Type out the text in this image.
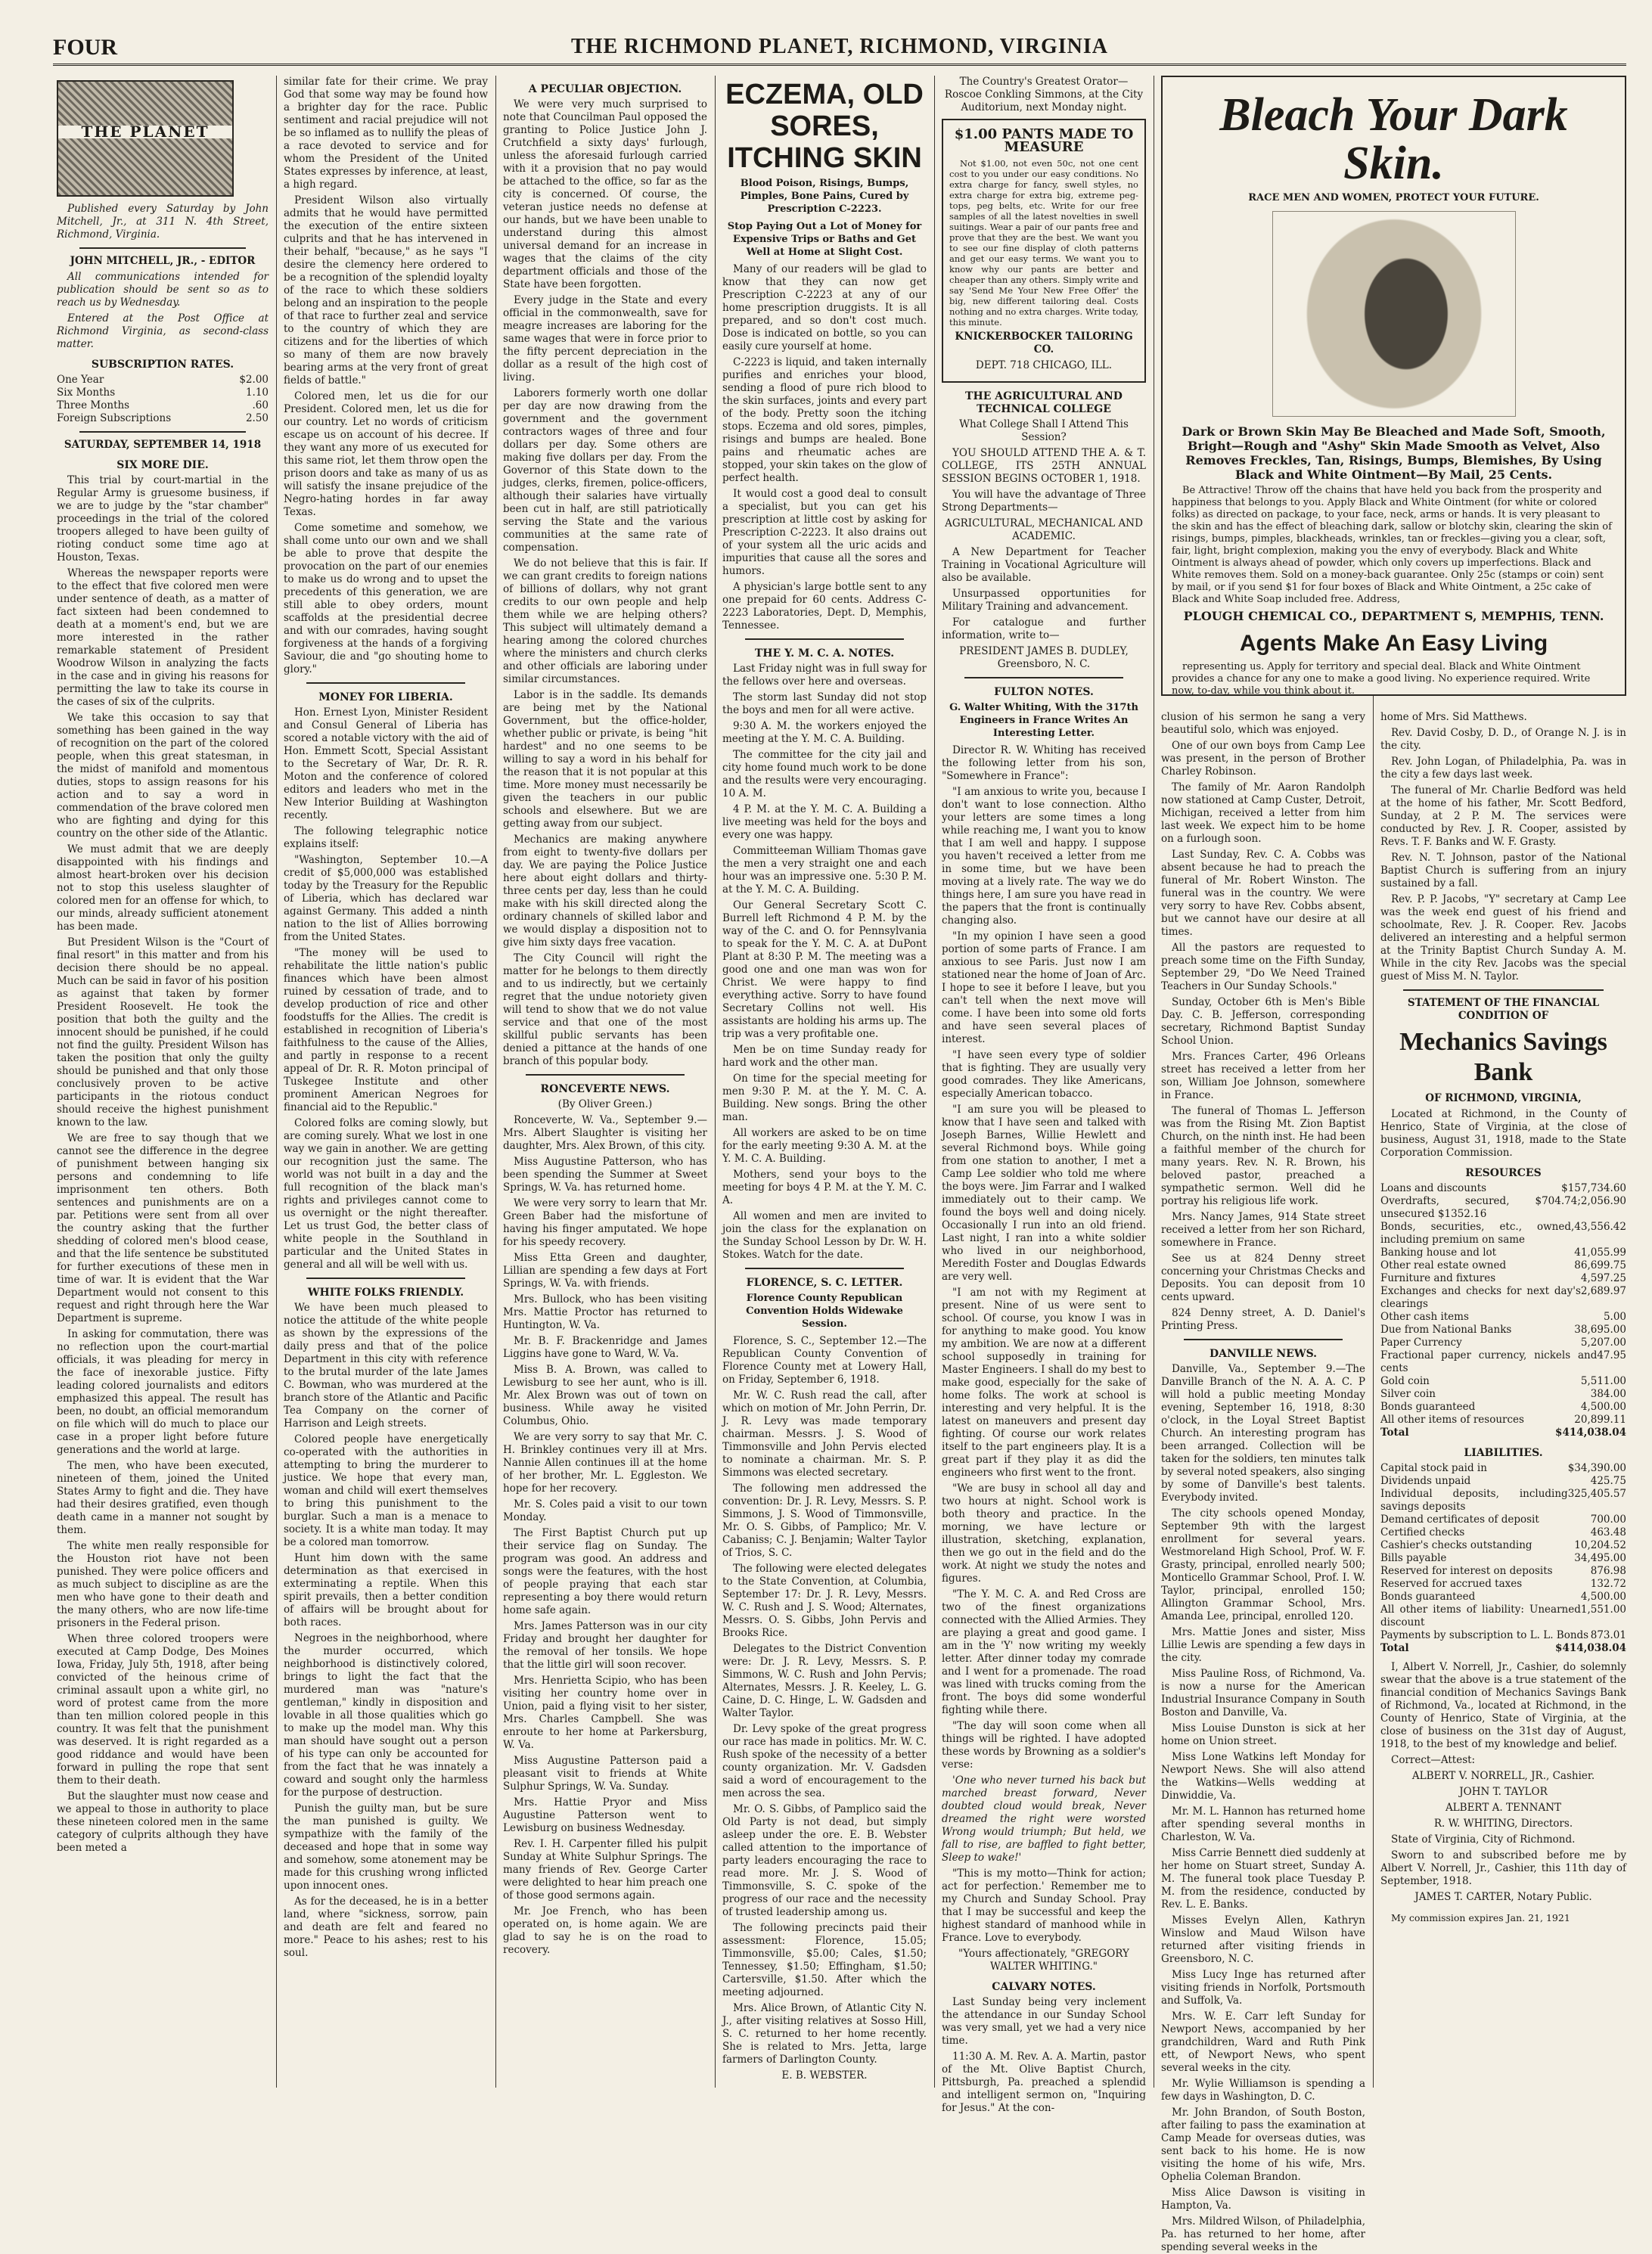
FOUR	THE RICHMOND PLANET, RICHMOND, VIRGINIA
THE PLANET

Published every Saturday by John Mitchell, Jr., at 311 N. 4th Street, Richmond, Virginia.

JOHN MITCHELL, JR., - EDITOR

All communications intended for publication should be sent so as to reach us by Wednesday.

Entered at the Post Office at Richmond Virginia, as second-class matter.

SUBSCRIPTION RATES.
One Year	$2.00
Six Months	1.10
Three Months	.60
Foreign Subscriptions	2.50

SATURDAY, SEPTEMBER 14, 1918

SIX MORE DIE.

This trial by court-martial in the Regular Army is gruesome business, if we are to judge by the "star chamber" proceedings in the trial of the colored troopers alleged to have been guilty of rioting conduct some time ago at Houston, Texas.

Whereas the newspaper reports were to the effect that five colored men were under sentence of death, as a matter of fact sixteen had been condemned to death at a moment's end, but we are more interested in the rather remarkable statement of President Woodrow Wilson in analyzing the facts in the case and in giving his reasons for permitting the law to take its course in the cases of six of the culprits.

We take this occasion to say that something has been gained in the way of recognition on the part of the colored people, when this great statesman, in the midst of manifold and momentous duties, stops to assign reasons for his action and to say a word in commendation of the brave colored men who are fighting and dying for this country on the other side of the Atlantic.

We must admit that we are deeply disappointed with his findings and almost heart-broken over his decision not to stop this useless slaughter of colored men for an offense for which, to our minds, already sufficient atonement has been made.

But President Wilson is the "Court of final resort" in this matter and from his decision there should be no appeal. Much can be said in favor of his position as against that taken by former President Roosevelt. He took the position that both the guilty and the innocent should be punished, if he could not find the guilty. President Wilson has taken the position that only the guilty should be punished and that only those conclusively proven to be active participants in the riotous conduct should receive the highest punishment known to the law.

We are free to say though that we cannot see the difference in the degree of punishment between hanging six persons and condemning to life imprisonment ten others. Both sentences and punishments are on a par. Petitions were sent from all over the country asking that the further shedding of colored men's blood cease, and that the life sentence be substituted for further executions of these men in time of war. It is evident that the War Department would not consent to this request and right through here the War Department is supreme.

In asking for commutation, there was no reflection upon the court-martial officials, it was pleading for mercy in the face of inexorable justice. Fifty leading colored journalists and editors emphasized this appeal. The result has been, no doubt, an official memorandum on file which will do much to place our case in a proper light before future generations and the world at large.

The men, who have been executed, nineteen of them, joined the United States Army to fight and die. They have had their desires gratified, even though death came in a manner not sought by them.

The white men really responsible for the Houston riot have not been punished. They were police officers and as much subject to discipline as are the men who have gone to their death and the many others, who are now life-time prisoners in the Federal prison.

When three colored troopers were executed at Camp Dodge, Des Moines Iowa, Friday, July 5th, 1918, after being convicted of the heinous crime of criminal assault upon a white girl, no word of protest came from the more than ten million colored people in this country. It was felt that the punishment was deserved. It is right regarded as a good riddance and would have been forward in pulling the rope that sent them to their death.

But the slaughter must now cease and we appeal to those in authority to place these nineteen colored men in the same category of culprits although they have been meted a

similar fate for their crime. We pray God that some way may be found how a brighter day for the race. Public sentiment and racial prejudice will not be so inflamed as to nullify the pleas of a race devoted to service and for whom the President of the United States expresses by inference, at least, a high regard.

President Wilson also virtually admits that he would have permitted the execution of the entire sixteen culprits and that he has intervened in their behalf, "because," as he says "I desire the clemency here ordered to be a recognition of the splendid loyalty of the race to which these soldiers belong and an inspiration to the people of that race to further zeal and service to the country of which they are citizens and for the liberties of which so many of them are now bravely bearing arms at the very front of great fields of battle."

Colored men, let us die for our President. Colored men, let us die for our country. Let no words of criticism escape us on account of his decree. If they want any more of us executed for this same riot, let them throw open the prison doors and take as many of us as will satisfy the insane prejudice of the Negro-hating hordes in far away Texas.

Come sometime and somehow, we shall come unto our own and we shall be able to prove that despite the provocation on the part of our enemies to make us do wrong and to upset the precedents of this generation, we are still able to obey orders, mount scaffolds at the presidential decree and with our comrades, having sought forgiveness at the hands of a forgiving Saviour, die and "go shouting home to glory."

MONEY FOR LIBERIA.

Hon. Ernest Lyon, Minister Resident and Consul General of Liberia has scored a notable victory with the aid of Hon. Emmett Scott, Special Assistant to the Secretary of War, Dr. R. R. Moton and the conference of colored editors and leaders who met in the New Interior Building at Washington recently.

The following telegraphic notice explains itself:

"Washington, September 10.—A credit of $5,000,000 was established today by the Treasury for the Republic of Liberia, which has declared war against Germany. This added a ninth nation to the list of Allies borrowing from the United States.

"The money will be used to rehabilitate the little nation's public finances which have been almost ruined by cessation of trade, and to develop production of rice and other foodstuffs for the Allies. The credit is established in recognition of Liberia's faithfulness to the cause of the Allies, and partly in response to a recent appeal of Dr. R. R. Moton principal of Tuskegee Institute and other prominent American Negroes for financial aid to the Republic."

Colored folks are coming slowly, but are coming surely. What we lost in one way we gain in another. We are getting our recognition just the same. The world was not built in a day and the full recognition of the black man's rights and privileges cannot come to us overnight or the night thereafter. Let us trust God, the better class of white people in the Southland in particular and the United States in general and all will be well with us.

WHITE FOLKS FRIENDLY.

We have been much pleased to notice the attitude of the white people as shown by the expressions of the daily press and that of the police Department in this city with reference to the brutal murder of the late James C. Bowman, who was murdered at the branch store of the Atlantic and Pacific Tea Company on the corner of Harrison and Leigh streets.

Colored people have energetically co-operated with the authorities in attempting to bring the murderer to justice. We hope that every man, woman and child will exert themselves to bring this punishment to the burglar. Such a man is a menace to society. It is a white man today. It may be a colored man tomorrow.

Hunt him down with the same determination as that exercised in exterminating a reptile. When this spirit prevails, then a better condition of affairs will be brought about for both races.

Negroes in the neighborhood, where the murder occurred, which neighborhood is distinctively colored, brings to light the fact that the murdered man was "nature's gentleman," kindly in disposition and lovable in all those qualities which go to make up the model man. Why this man should have sought out a person of his type can only be accounted for from the fact that he was innately a coward and sought only the harmless for the purpose of destruction.

Punish the guilty man, but be sure the man punished is guilty. We sympathize with the family of the deceased and hope that in some way and somehow, some atonement may be made for this crushing wrong inflicted upon innocent ones.

As for the deceased, he is in a better land, where "sickness, sorrow, pain and death are felt and feared no more." Peace to his ashes; rest to his soul.

A PECULIAR OBJECTION.

We were very much surprised to note that Councilman Paul opposed the granting to Police Justice John J. Crutchfield a sixty days' furlough, unless the aforesaid furlough carried with it a provision that no pay would be attached to the office, so far as the city is concerned. Of course, the veteran justice needs no defense at our hands, but we have been unable to understand during this almost universal demand for an increase in wages that the claims of the city department officials and those of the State have been forgotten.

Every judge in the State and every official in the commonwealth, save for meagre increases are laboring for the same wages that were in force prior to the fifty percent depreciation in the dollar as a result of the high cost of living.

Laborers formerly worth one dollar per day are now drawing from the government and the government contractors wages of three and four dollars per day. Some others are making five dollars per day. From the Governor of this State down to the judges, clerks, firemen, police-officers, although their salaries have virtually been cut in half, are still patriotically serving the State and the various communities at the same rate of compensation.

We do not believe that this is fair. If we can grant credits to foreign nations of billions of dollars, why not grant credits to our own people and help them while we are helping others? This subject will ultimately demand a hearing among the colored churches where the ministers and church clerks and other officials are laboring under similar circumstances.

Labor is in the saddle. Its demands are being met by the National Government, but the office-holder, whether public or private, is being "hit hardest" and no one seems to be willing to say a word in his behalf for the reason that it is not popular at this time. More money must necessarily be given the teachers in our public schools and elsewhere. But we are getting away from our subject.

Mechanics are making anywhere from eight to twenty-five dollars per day. We are paying the Police Justice here about eight dollars and thirty-three cents per day, less than he could make with his skill directed along the ordinary channels of skilled labor and we would display a disposition not to give him sixty days free vacation.

The City Council will right the matter for he belongs to them directly and to us indirectly, but we certainly regret that the undue notoriety given will tend to show that we do not value service and that one of the most skillful public servants has been denied a pittance at the hands of one branch of this popular body.

RONCEVERTE NEWS.

(By Oliver Green.)

Ronceverte, W. Va., September 9.—Mrs. Albert Slaughter is visiting her daughter, Mrs. Alex Brown, of this city.

Miss Augustine Patterson, who has been spending the Summer at Sweet Springs, W. Va. has returned home.

We were very sorry to learn that Mr. Green Baber had the misfortune of having his finger amputated. We hope for his speedy recovery.

Miss Etta Green and daughter, Lillian are spending a few days at Fort Springs, W. Va. with friends.

Mrs. Bullock, who has been visiting Mrs. Mattie Proctor has returned to Huntington, W. Va.

Mr. B. F. Brackenridge and James Liggins have gone to Ward, W. Va.

Miss B. A. Brown, was called to Lewisburg to see her aunt, who is ill. Mr. Alex Brown was out of town on business. While away he visited Columbus, Ohio.

We are very sorry to say that Mr. C. H. Brinkley continues very ill at Mrs. Nannie Allen continues ill at the home of her brother, Mr. L. Eggleston. We hope for her recovery.

Mr. S. Coles paid a visit to our town Monday.

The First Baptist Church put up their service flag on Sunday. The program was good. An address and songs were the features, with the host of people praying that each star representing a boy there would return home safe again.

Mrs. James Patterson was in our city Friday and brought her daughter for the removal of her tonsils. We hope that the little girl will soon recover.

Mrs. Henrietta Scipio, who has been visiting her country home over in Union, paid a flying visit to her sister, Mrs. Charles Campbell. She was enroute to her home at Parkersburg, W. Va.

Miss Augustine Patterson paid a pleasant visit to friends at White Sulphur Springs, W. Va. Sunday.

Mrs. Hattie Pryor and Miss Augustine Patterson went to Lewisburg on business Wednesday.

Rev. I. H. Carpenter filled his pulpit Sunday at White Sulphur Springs. The many friends of Rev. George Carter were delighted to hear him preach one of those good sermons again.

Mr. Joe French, who has been operated on, is home again. We are glad to say he is on the road to recovery.

ECZEMA, OLD SORES, ITCHING SKIN

Blood Poison, Risings, Bumps, Pimples, Bone Pains, Cured by Prescription C-2223.

Stop Paying Out a Lot of Money for Expensive Trips or Baths and Get Well at Home at Slight Cost.

Many of our readers will be glad to know that they can now get Prescription C-2223 at any of our home prescription druggists. It is all prepared, and so don't cost much. Dose is indicated on bottle, so you can easily cure yourself at home.

C-2223 is liquid, and taken internally purifies and enriches your blood, sending a flood of pure rich blood to the skin surfaces, joints and every part of the body. Pretty soon the itching stops. Eczema and old sores, pimples, risings and bumps are healed. Bone pains and rheumatic aches are stopped, your skin takes on the glow of perfect health.

It would cost a good deal to consult a specialist, but you can get his prescription at little cost by asking for Prescription C-2223. It also drains out of your system all the uric acids and impurities that cause all the sores and humors.

A physician's large bottle sent to any one prepaid for 60 cents. Address C-2223 Laboratories, Dept. D, Memphis, Tennessee.

THE Y. M. C. A. NOTES.

Last Friday night was in full sway for the fellows over here and overseas.

The storm last Sunday did not stop the boys and men for all were active.

9:30 A. M. the workers enjoyed the meeting at the Y. M. C. A. Building.

The committee for the city jail and city home found much work to be done and the results were very encouraging. 10 A. M.

4 P. M. at the Y. M. C. A. Building a live meeting was held for the boys and every one was happy.

Committeeman William Thomas gave the men a very straight one and each hour was an impressive one. 5:30 P. M. at the Y. M. C. A. Building.

Our General Secretary Scott C. Burrell left Richmond 4 P. M. by the way of the C. and O. for Pennsylvania to speak for the Y. M. C. A. at DuPont Plant at 8:30 P. M. The meeting was a good one and one man was won for Christ. We were happy to find everything active. Sorry to have found Secretary Collins not well. His assistants are holding his arms up. The trip was a very profitable one.

Men be on time Sunday ready for hard work and the other man.

On time for the special meeting for men 9:30 P. M. at the Y. M. C. A. Building. New songs. Bring the other man.

All workers are asked to be on time for the early meeting 9:30 A. M. at the Y. M. C. A. Building.

Mothers, send your boys to the meeting for boys 4 P. M. at the Y. M. C. A.

All women and men are invited to join the class for the explanation on the Sunday School Lesson by Dr. W. H. Stokes. Watch for the date.

FLORENCE, S. C. LETTER.

Florence County Republican Convention Holds Widewake Session.

Florence, S. C., September 12.—The Republican County Convention of Florence County met at Lowery Hall, on Friday, September 6, 1918.

Mr. W. C. Rush read the call, after which on motion of Mr. John Perrin, Dr. J. R. Levy was made temporary chairman. Messrs. J. S. Wood of Timmonsville and John Pervis elected to nominate a chairman. Mr. S. P. Simmons was elected secretary.

The following men addressed the convention: Dr. J. R. Levy, Messrs. S. P. Simmons, J. S. Wood of Timmonsville, Mr. O. S. Gibbs, of Pamplico; Mr. V. Cabaniss; C. J. Benjamin; Walter Taylor of Trios, S. C.

The following were elected delegates to the State Convention, at Columbia, September 17: Dr. J. R. Levy, Messrs. W. C. Rush and J. S. Wood; Alternates, Messrs. O. S. Gibbs, John Pervis and Brooks Rice.

Delegates to the District Convention were: Dr. J. R. Levy, Messrs. S. P. Simmons, W. C. Rush and John Pervis; Alternates, Messrs. J. R. Keeley, L. G. Caine, D. C. Hinge, L. W. Gadsden and Walter Taylor.

Dr. Levy spoke of the great progress our race has made in politics. Mr. W. C. Rush spoke of the necessity of a better county organization. Mr. V. Gadsden said a word of encouragement to the men across the sea.

Mr. O. S. Gibbs, of Pamplico said the Old Party is not dead, but simply asleep under the ore. E. B. Webster called attention to the importance of party leaders encouraging the race to read more. Mr. J. S. Wood of Timmonsville, S. C. spoke of the progress of our race and the necessity of trusted leadership among us.

The following precincts paid their assessment: Florence, 15.05; Timmonsville, $5.00; Cales, $1.50; Tennessey, $1.50; Effingham, $1.50; Cartersville, $1.50. After which the meeting adjourned.

Mrs. Alice Brown, of Atlantic City N. J., after visiting relatives at Sosso Hill, S. C. returned to her home recently. She is related to Mrs. Jetta, large farmers of Darlington County.

E. B. WEBSTER.

The Country's Greatest Orator—Roscoe Conkling Simmons, at the City Auditorium, next Monday night.

$1.00 PANTS MADE TO MEASURE

Not $1.00, not even 50c, not one cent cost to you under our easy conditions. No extra charge for fancy, swell styles, no extra charge for extra big, extreme peg-tops, peg belts, etc. Write for our free samples of all the latest novelties in swell suitings. Wear a pair of our pants free and prove that they are the best. We want you to see our fine display of cloth patterns and get our easy terms. We want you to know why our pants are better and cheaper than any others. Simply write and say 'Send Me Your New Free Offer' the big, new different tailoring deal. Costs nothing and no extra charges. Write today, this minute.

KNICKERBOCKER TAILORING CO.

DEPT. 718 CHICAGO, ILL.

THE AGRICULTURAL AND TECHNICAL COLLEGE

What College Shall I Attend This Session?

YOU SHOULD ATTEND THE A. & T. COLLEGE, ITS 25TH ANNUAL SESSION BEGINS OCTOBER 1, 1918.

You will have the advantage of Three Strong Departments—

AGRICULTURAL, MECHANICAL AND ACADEMIC.

A New Department for Teacher Training in Vocational Agriculture will also be available.

Unsurpassed opportunities for Military Training and advancement.

For catalogue and further information, write to—

PRESIDENT JAMES B. DUDLEY, Greensboro, N. C.

FULTON NOTES.

G. Walter Whiting, With the 317th Engineers in France Writes An Interesting Letter.

Director R. W. Whiting has received the following letter from his son, "Somewhere in France":

"I am anxious to write you, because I don't want to lose connection. Altho your letters are some times a long while reaching me, I want you to know that I am well and happy. I suppose you haven't received a letter from me in some time, but we have been moving at a lively rate. The way we do things here, I am sure you have read in the papers that the front is continually changing also.

"In my opinion I have seen a good portion of some parts of France. I am anxious to see Paris. Just now I am stationed near the home of Joan of Arc. I hope to see it before I leave, but you can't tell when the next move will come. I have been into some old forts and have seen several places of interest.

"I have seen every type of soldier that is fighting. They are usually very good comrades. They like Americans, especially American tobacco.

"I am sure you will be pleased to know that I have seen and talked with Joseph Barnes, Willie Hewlett and several Richmond boys. While going from one station to another, I met a Camp Lee soldier who told me where the boys were. Jim Farrar and I walked immediately out to their camp. We found the boys well and doing nicely. Occasionally I run into an old friend. Last night, I ran into a white soldier who lived in our neighborhood, Meredith Foster and Douglas Edwards are very well.

"I am not with my Regiment at present. Nine of us were sent to school. Of course, you know I was in for anything to make good. You know my ambition. We are now at a different school supposedly in training for Master Engineers. I shall do my best to make good, especially for the sake of home folks. The work at school is interesting and very helpful. It is the latest on maneuvers and present day fighting. Of course our work relates itself to the part engineers play. It is a great part if they play it as did the engineers who first went to the front.

"We are busy in school all day and two hours at night. School work is both theory and practice. In the morning, we have lecture or illustration, sketching, explanation, then we go out in the field and do the work. At night we study the notes and figures.

"The Y. M. C. A. and Red Cross are two of the finest organizations connected with the Allied Armies. They are playing a great and good game. I am in the 'Y' now writing my weekly letter. After dinner today my comrade and I went for a promenade. The road was lined with trucks coming from the front. The boys did some wonderful fighting while there.

"The day will soon come when all things will be righted. I have adopted these words by Browning as a soldier's verse:

'One who never turned his back but marched breast forward, Never doubted cloud would break, Never dreamed the right were worsted Wrong would triumph; But held, we fall to rise, are baffled to fight better, Sleep to wake!'

"This is my motto—Think for action; act for perfection.' Remember me to my Church and Sunday School. Pray that I may be successful and keep the highest standard of manhood while in France. Love to everybody.

"Yours affectionately, "GREGORY WALTER WHITING."

CALVARY NOTES.

Last Sunday being very inclement the attendance in our Sunday School was very small, yet we had a very nice time.

11:30 A. M. Rev. A. A. Martin, pastor of the Mt. Olive Baptist Church, Pittsburgh, Pa. preached a splendid and intelligent sermon on, "Inquiring for Jesus." At the con-

Bleach Your Dark Skin.

RACE MEN AND WOMEN, PROTECT YOUR FUTURE.

Dark or Brown Skin May Be Bleached and Made Soft, Smooth, Bright—Rough and "Ashy" Skin Made Smooth as Velvet, Also Removes Freckles, Tan, Risings, Bumps, Blemishes, By Using Black and White Ointment—By Mail, 25 Cents.

Be Attractive! Throw off the chains that have held you back from the prosperity and happiness that belongs to you. Apply Black and White Ointment (for white or colored folks) as directed on package, to your face, neck, arms or hands. It is very pleasant to the skin and has the effect of bleaching dark, sallow or blotchy skin, clearing the skin of risings, bumps, pimples, blackheads, wrinkles, tan or freckles—giving you a clear, soft, fair, light, bright complexion, making you the envy of everybody. Black and White Ointment is always ahead of powder, which only covers up imperfections. Black and White removes them. Sold on a money-back guarantee. Only 25c (stamps or coin) sent by mail, or if you send $1 for four boxes of Black and White Ointment, a 25c cake of Black and White Soap included free. Address,

PLOUGH CHEMICAL CO., DEPARTMENT S, MEMPHIS, TENN.

Agents Make An Easy Living

representing us. Apply for territory and special deal. Black and White Ointment provides a chance for any one to make a good living. No experience required. Write now, to-day, while you think about it.

clusion of his sermon he sang a very beautiful solo, which was enjoyed.

One of our own boys from Camp Lee was present, in the person of Brother Charley Robinson.

The family of Mr. Aaron Randolph now stationed at Camp Custer, Detroit, Michigan, received a letter from him last week. We expect him to be home on a furlough soon.

Last Sunday, Rev. C. A. Cobbs was absent because he had to preach the funeral of Mr. Robert Winston. The funeral was in the country. We were very sorry to have Rev. Cobbs absent, but we cannot have our desire at all times.

All the pastors are requested to preach some time on the Fifth Sunday, September 29, "Do We Need Trained Teachers in Our Sunday Schools."

Sunday, October 6th is Men's Bible Day. C. B. Jefferson, corresponding secretary, Richmond Baptist Sunday School Union.

Mrs. Frances Carter, 496 Orleans street has received a letter from her son, William Joe Johnson, somewhere in France.

The funeral of Thomas L. Jefferson was from the Rising Mt. Zion Baptist Church, on the ninth inst. He had been a faithful member of the church for many years. Rev. N. R. Brown, his beloved pastor, preached a sympathetic sermon. Well did he portray his religious life work.

Mrs. Nancy James, 914 State street received a letter from her son Richard, somewhere in France.

See us at 824 Denny street concerning your Christmas Checks and Deposits. You can deposit from 10 cents upward.

824 Denny street, A. D. Daniel's Printing Press.

DANVILLE NEWS.

Danville, Va., September 9.—The Danville Branch of the N. A. A. C. P will hold a public meeting Monday evening, September 16, 1918, 8:30 o'clock, in the Loyal Street Baptist Church. An interesting program has been arranged. Collection will be taken for the soldiers, ten minutes talk by several noted speakers, also singing by some of Danville's best talents. Everybody invited.

The city schools opened Monday, September 9th with the largest enrollment for several years. Westmoreland High School, Prof. W. F. Grasty, principal, enrolled nearly 500; Monticello Grammar School, Prof. I. W. Taylor, principal, enrolled 150; Allington Grammar School, Mrs. Amanda Lee, principal, enrolled 120.

Mrs. Mattie Jones and sister, Miss Lillie Lewis are spending a few days in the city.

Miss Pauline Ross, of Richmond, Va. is now a nurse for the American Industrial Insurance Company in South Boston and Danville, Va.

Miss Louise Dunston is sick at her home on Union street.

Miss Lone Watkins left Monday for Newport News. She will also attend the Watkins—Wells wedding at Dinwiddie, Va.

Mr. M. L. Hannon has returned home after spending several months in Charleston, W. Va.

Miss Carrie Bennett died suddenly at her home on Stuart street, Sunday A. M. The funeral took place Tuesday P. M. from the residence, conducted by Rev. L. E. Banks.

Misses Evelyn Allen, Kathryn Winslow and Maud Wilson have returned after visiting friends in Greensboro, N. C.

Miss Lucy Inge has returned after visiting friends in Norfolk, Portsmouth and Suffolk, Va.

Mrs. W. E. Carr left Sunday for Newport News, accompanied by her grandchildren, Ward and Ruth Pink ett, of Newport News, who spent several weeks in the city.

Mr. Wylie Williamson is spending a few days in Washington, D. C.

Mr. John Brandon, of South Boston, after failing to pass the examination at Camp Meade for overseas duties, was sent back to his home. He is now visiting the home of his wife, Mrs. Ophelia Coleman Brandon.

Miss Alice Dawson is visiting in Hampton, Va.

Mrs. Mildred Wilson, of Philadelphia, Pa. has returned to her home, after spending several weeks in the

home of Mrs. Sid Matthews.

Rev. David Cosby, D. D., of Orange N. J. is in the city.

Rev. John Logan, of Philadelphia, Pa. was in the city a few days last week.

The funeral of Mr. Charlie Bedford was held at the home of his father, Mr. Scott Bedford, Sunday, at 2 P. M. The services were conducted by Rev. J. R. Cooper, assisted by Revs. T. F. Banks and W. F. Grasty.

Rev. N. T. Johnson, pastor of the National Baptist Church is suffering from an injury sustained by a fall.

Rev. P. P. Jacobs, "Y" secretary at Camp Lee was the week end guest of his friend and schoolmate, Rev. J. R. Cooper. Rev. Jacobs delivered an interesting and a helpful sermon at the Trinity Baptist Church Sunday A. M. While in the city Rev. Jacobs was the special guest of Miss M. N. Taylor.

STATEMENT OF THE FINANCIAL CONDITION OF

Mechanics Savings Bank

OF RICHMOND, VIRGINIA,

Located at Richmond, in the County of Henrico, State of Virginia, at the close of business, August 31, 1918, made to the State Corporation Commission.

RESOURCES
Loans and discounts	$157,734.60
Overdrafts, secured, $704.74; unsecured $1352.16
2,056.90
Bonds, securities, etc., owned, including premium on same
43,556.42
Banking house and lot	41,055.99
Other real estate owned	86,699.75
Furniture and fixtures	4,597.25
Exchanges and checks for next day's clearings
2,689.97
Other cash items	5.00
Due from National Banks	38,695.00
Paper Currency	5,207.00
Fractional paper currency, nickels and cents
47.95
Gold coin	5,511.00
Silver coin	384.00
Bonds guaranteed	4,500.00
All other items of resources	20,899.11
Total	$414,038.04
LIABILITIES.
Capital stock paid in	$34,390.00
Dividends unpaid	425.75
Individual deposits, including savings deposits
325,405.57
Demand certificates of deposit	700.00
Certified checks	463.48
Cashier's checks outstanding	10,204.52
Bills payable	34,495.00
Reserved for interest on deposits	876.98
Reserved for accrued taxes	132.72
Bonds guaranteed	4,500.00
All other items of liability: Unearned discount
1,551.00
Payments by subscription to L. L. Bonds 873.01
Total	$414,038.04

I, Albert V. Norrell, Jr., Cashier, do solemnly swear that the above is a true statement of the financial condition of Mechanics Savings Bank of Richmond, Va., located at Richmond, in the County of Henrico, State of Virginia, at the close of business on the 31st day of August, 1918, to the best of my knowledge and belief.

Correct—Attest:

ALBERT V. NORRELL, JR., Cashier.

JOHN T. TAYLOR

ALBERT A. TENNANT

R. W. WHITING, Directors.

State of Virginia, City of Richmond.

Sworn to and subscribed before me by Albert V. Norrell, Jr., Cashier, this 11th day of September, 1918.

JAMES T. CARTER, Notary Public.

My commission expires Jan. 21, 1921
